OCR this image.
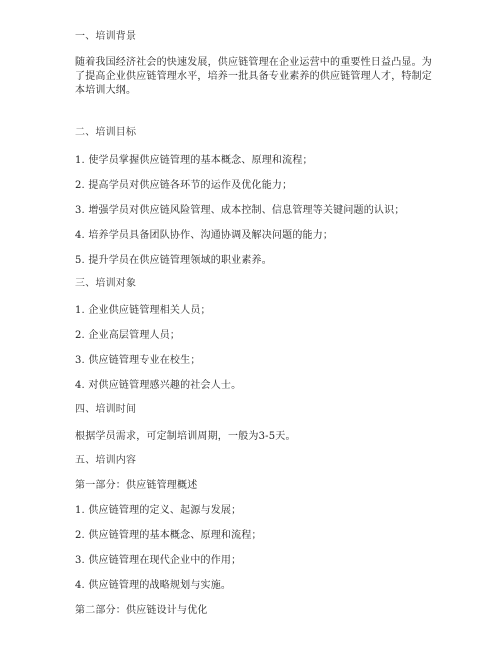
一、培训背景
随着我国经济社会的快速发展，供应链管理在企业运营中的重要性日益凸显。为了提高企业供应链管理水平，培养一批具备专业素养的供应链管理人才，特制定本培训大纲。
二、培训目标
1. 使学员掌握供应链管理的基本概念、原理和流程；
2. 提高学员对供应链各环节的运作及优化能力；
3. 增强学员对供应链风险管理、成本控制、信息管理等关键问题的认识；
4. 培养学员具备团队协作、沟通协调及解决问题的能力；
5. 提升学员在供应链管理领域的职业素养。
三、培训对象
1. 企业供应链管理相关人员；
2. 企业高层管理人员；
3. 供应链管理专业在校生；
4. 对供应链管理感兴趣的社会人士。
四、培训时间
根据学员需求，可定制培训周期，一般为3-5天。
五、培训内容
第一部分：供应链管理概述
1. 供应链管理的定义、起源与发展；
2. 供应链管理的基本概念、原理和流程；
3. 供应链管理在现代企业中的作用；
4. 供应链管理的战略规划与实施。
第二部分：供应链设计与优化
